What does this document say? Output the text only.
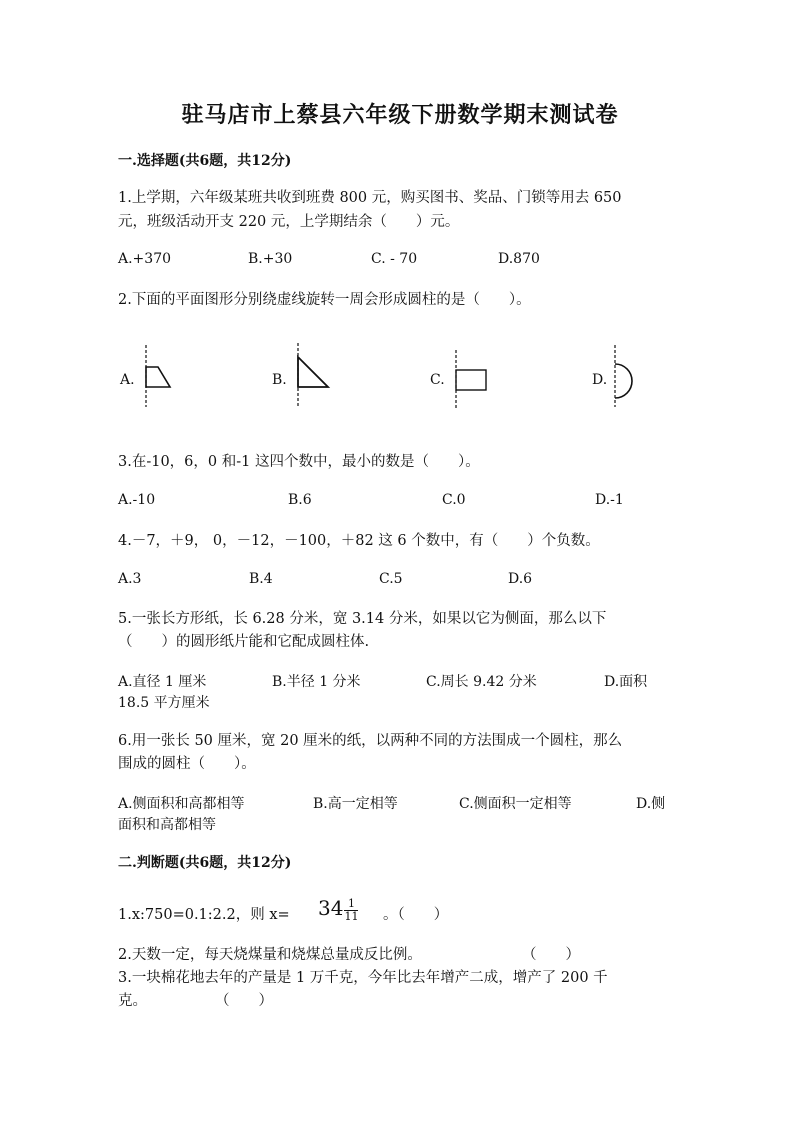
驻马店市上蔡县六年级下册数学期末测试卷
一.选择题(共6题，共12分)
1.上学期，六年级某班共收到班费 800 元，购买图书、奖品、门锁等用去 650
元，班级活动开支 220 元，上学期结余（　　）元。
A.+370	B.+30	C. - 70	D.870
2.下面的平面图形分别绕虚线旋转一周会形成圆柱的是（　　）。
A.	B.	C.	D.
3.在-10，6，0 和-1 这四个数中，最小的数是（　　）。
A.-10	B.6	C.0	D.-1
4.－7，＋9， 0，－12，－100，＋82 这 6 个数中，有（　　）个负数。
A.3	B.4	C.5	D.6
5.一张长方形纸，长 6.28 分米，宽 3.14 分米，如果以它为侧面，那么以下
（　　）的圆形纸片能和它配成圆柱体.
A.直径 1 厘米	B.半径 1 分米	C.周长 9.42 分米	D.面积
18.5 平方厘米
6.用一张长 50 厘米，宽 20 厘米的纸，以两种不同的方法围成一个圆柱，那么
围成的圆柱（　　）。
A.侧面积和高都相等	B.高一定相等	C.侧面积一定相等	D.侧
面积和高都相等
二.判断题(共6题，共12分)
1.x:750=0.1:2.2，则 $x= 34 \frac{1}{11}$ 。（　　）
2.天数一定，每天烧煤量和烧煤总量成反比例。	（　　）
3.一块棉花地去年的产量是 1 万千克，今年比去年增产二成，增产了 200 千
克。	（　　）
